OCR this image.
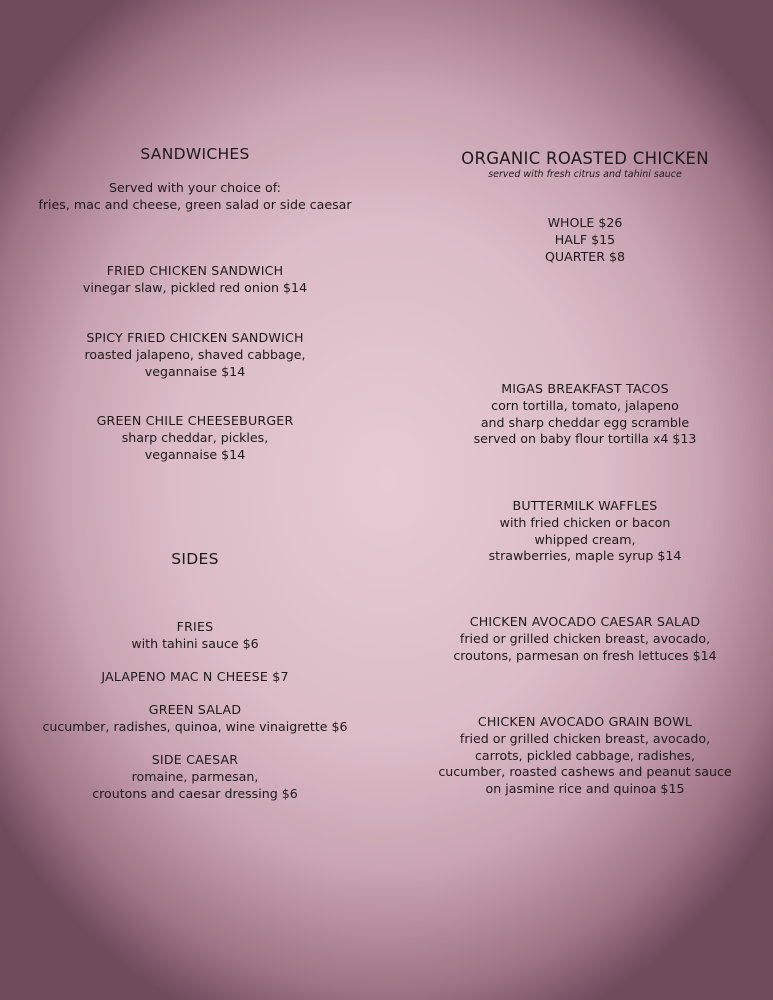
SANDWICHES
Served with your choice of:
fries, mac and cheese, green salad or side caesar
FRIED CHICKEN SANDWICH
vinegar slaw, pickled red onion $14
SPICY FRIED CHICKEN SANDWICH
roasted jalapeno, shaved cabbage,
vegannaise $14
GREEN CHILE CHEESEBURGER
sharp cheddar, pickles,
vegannaise $14
SIDES
FRIES
with tahini sauce $6
JALAPENO MAC N CHEESE $7
GREEN SALAD
cucumber, radishes, quinoa, wine vinaigrette $6
SIDE CAESAR
romaine, parmesan,
croutons and caesar dressing $6
ORGANIC ROASTED CHICKEN
served with fresh citrus and tahini sauce
WHOLE $26
HALF $15
QUARTER $8
MIGAS BREAKFAST TACOS
corn tortilla, tomato, jalapeno
and sharp cheddar egg scramble
served on baby flour tortilla x4 $13
BUTTERMILK WAFFLES
with fried chicken or bacon
whipped cream,
strawberries, maple syrup $14
CHICKEN AVOCADO CAESAR SALAD
fried or grilled chicken breast, avocado,
croutons, parmesan on fresh lettuces $14
CHICKEN AVOCADO GRAIN BOWL
fried or grilled chicken breast, avocado,
carrots, pickled cabbage, radishes,
cucumber, roasted cashews and peanut sauce
on jasmine rice and quinoa $15
